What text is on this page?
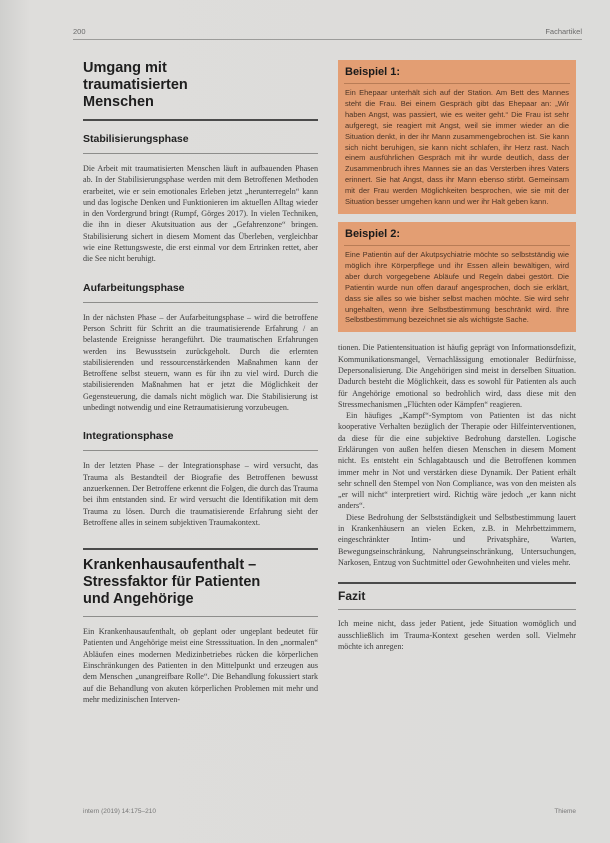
200	Fachartikel
Umgang mit traumatisierten Menschen
Stabilisierungsphase

Die Arbeit mit traumatisierten Menschen läuft in aufbauenden Phasen ab. In der Stabilisierungsphase werden mit dem Betroffenen Methoden erarbeitet, wie er sein emotionales Erleben jetzt „herunterregeln“ kann und das logische Denken und Funktionieren im aktuellen Alltag wieder in den Vordergrund bringt (Rumpf, Görges 2017). In vielen Techniken, die ihn in dieser Akutsituation aus der „Gefahrenzone“ bringen. Stabilisierung sichert in diesem Moment das Überleben, vergleichbar wie eine Rettungsweste, die erst einmal vor dem Ertrinken rettet, aber die See nicht beruhigt.

Aufarbeitungsphase

In der nächsten Phase – der Aufarbeitungsphase – wird die betroffene Person Schritt für Schritt an die traumatisierende Erfahrung / an belastende Ereignisse herangeführt. Die traumatischen Erfahrungen werden ins Bewusstsein zurückgeholt. Durch die erlernten stabilisierenden und ressourcenstärkenden Maßnahmen kann der Betroffene selbst steuern, wann es für ihn zu viel wird. Durch die stabilisierenden Maßnahmen hat er jetzt die Möglichkeit der Gegensteuerung, die damals nicht möglich war. Die Stabilisierung ist unbedingt notwendig und eine Retraumatisierung vorzubeugen.

Integrationsphase

In der letzten Phase – der Integrationsphase – wird versucht, das Trauma als Bestandteil der Biografie des Betroffenen bewusst anzuerkennen. Der Betroffene erkennt die Folgen, die durch das Trauma bei ihm entstanden sind. Er wird versucht die Identifikation mit dem Trauma zu lösen. Durch die traumatisierende Erfahrung sieht der Betroffene alles in seinem subjektiven Traumakontext.

Krankenhausaufenthalt – Stressfaktor für Patienten und Angehörige

Ein Krankenhausaufenthalt, ob geplant oder ungeplant bedeutet für Patienten und Angehörige meist eine Stresssituation. In den „normalen“ Abläufen eines modernen Medizinbetriebes rücken die körperlichen Einschränkungen des Patienten in den Mittelpunkt und erzeugen aus dem Menschen „unangreifbare Rolle“. Die Behandlung fokussiert stark auf die Behandlung von akuten körperlichen Problemen mit mehr und mehr medizinischen Interven-

Beispiel 1:

Ein Ehepaar unterhält sich auf der Station. Am Bett des Mannes steht die Frau. Bei einem Gespräch gibt das Ehepaar an: „Wir haben Angst, was passiert, wie es weiter geht.“ Die Frau ist sehr aufgeregt, sie reagiert mit Angst, weil sie immer wieder an die Situation denkt, in der ihr Mann zusammengebrochen ist. Sie kann sich nicht beruhigen, sie kann nicht schlafen, ihr Herz rast. Nach einem ausführlichen Gespräch mit ihr wurde deutlich, dass der Zusammenbruch ihres Mannes sie an das Versterben ihres Vaters erinnert. Sie hat Angst, dass ihr Mann ebenso stirbt. Gemeinsam mit der Frau werden Möglichkeiten besprochen, wie sie mit der Situation besser umgehen kann und wer ihr Halt geben kann.

Beispiel 2:

Eine Patientin auf der Akutpsychiatrie möchte so selbstständig wie möglich ihre Körperpflege und ihr Essen allein bewältigen, wird aber durch vorgegebene Abläufe und Regeln dabei gestört. Die Patientin wurde nun offen darauf angesprochen, doch sie erklärt, dass sie alles so wie bisher selbst machen möchte. Sie wird sehr ungehalten, wenn ihre Selbstbestimmung beschränkt wird. Ihre Selbstbestimmung bezeichnet sie als wichtigste Sache.

tionen. Die Patientensituation ist häufig geprägt von Informationsdefizit, Kommunikationsmangel, Vernachlässigung emotionaler Bedürfnisse, Depersonalisierung. Die Angehörigen sind meist in derselben Situation. Dadurch besteht die Möglichkeit, dass es sowohl für Patienten als auch für Angehörige emotional so bedrohlich wird, dass diese mit den Stressmechanismen „Flüchten oder Kämpfen“ reagieren.

Ein häufiges „Kampf“-Symptom von Patienten ist das nicht kooperative Verhalten bezüglich der Therapie oder Hilfeinterventionen, da diese für die eine subjektive Bedrohung darstellen. Logische Erklärungen von außen helfen diesen Menschen in diesem Moment nicht. Es entsteht ein Schlagabtausch und die Betroffenen kommen immer mehr in Not und verstärken diese Dynamik. Der Patient erhält sehr schnell den Stempel von Non Compliance, was von den meisten als „er will nicht“ interpretiert wird. Richtig wäre jedoch „er kann nicht anders“.

Diese Bedrohung der Selbstständigkeit und Selbstbestimmung lauert in Krankenhäusern an vielen Ecken, z.B. in Mehrbettzimmern, eingeschränkter Intim- und Privatsphäre, Warten, Bewegungseinschränkung, Nahrungseinschränkung, Untersuchungen, Narkosen, Entzug von Suchtmittel oder Gewohnheiten und vieles mehr.

Fazit

Ich meine nicht, dass jeder Patient, jede Situation womöglich und ausschließlich im Trauma-Kontext gesehen werden soll. Vielmehr möchte ich anregen:

intern (2019) 14:175–210	Thieme
